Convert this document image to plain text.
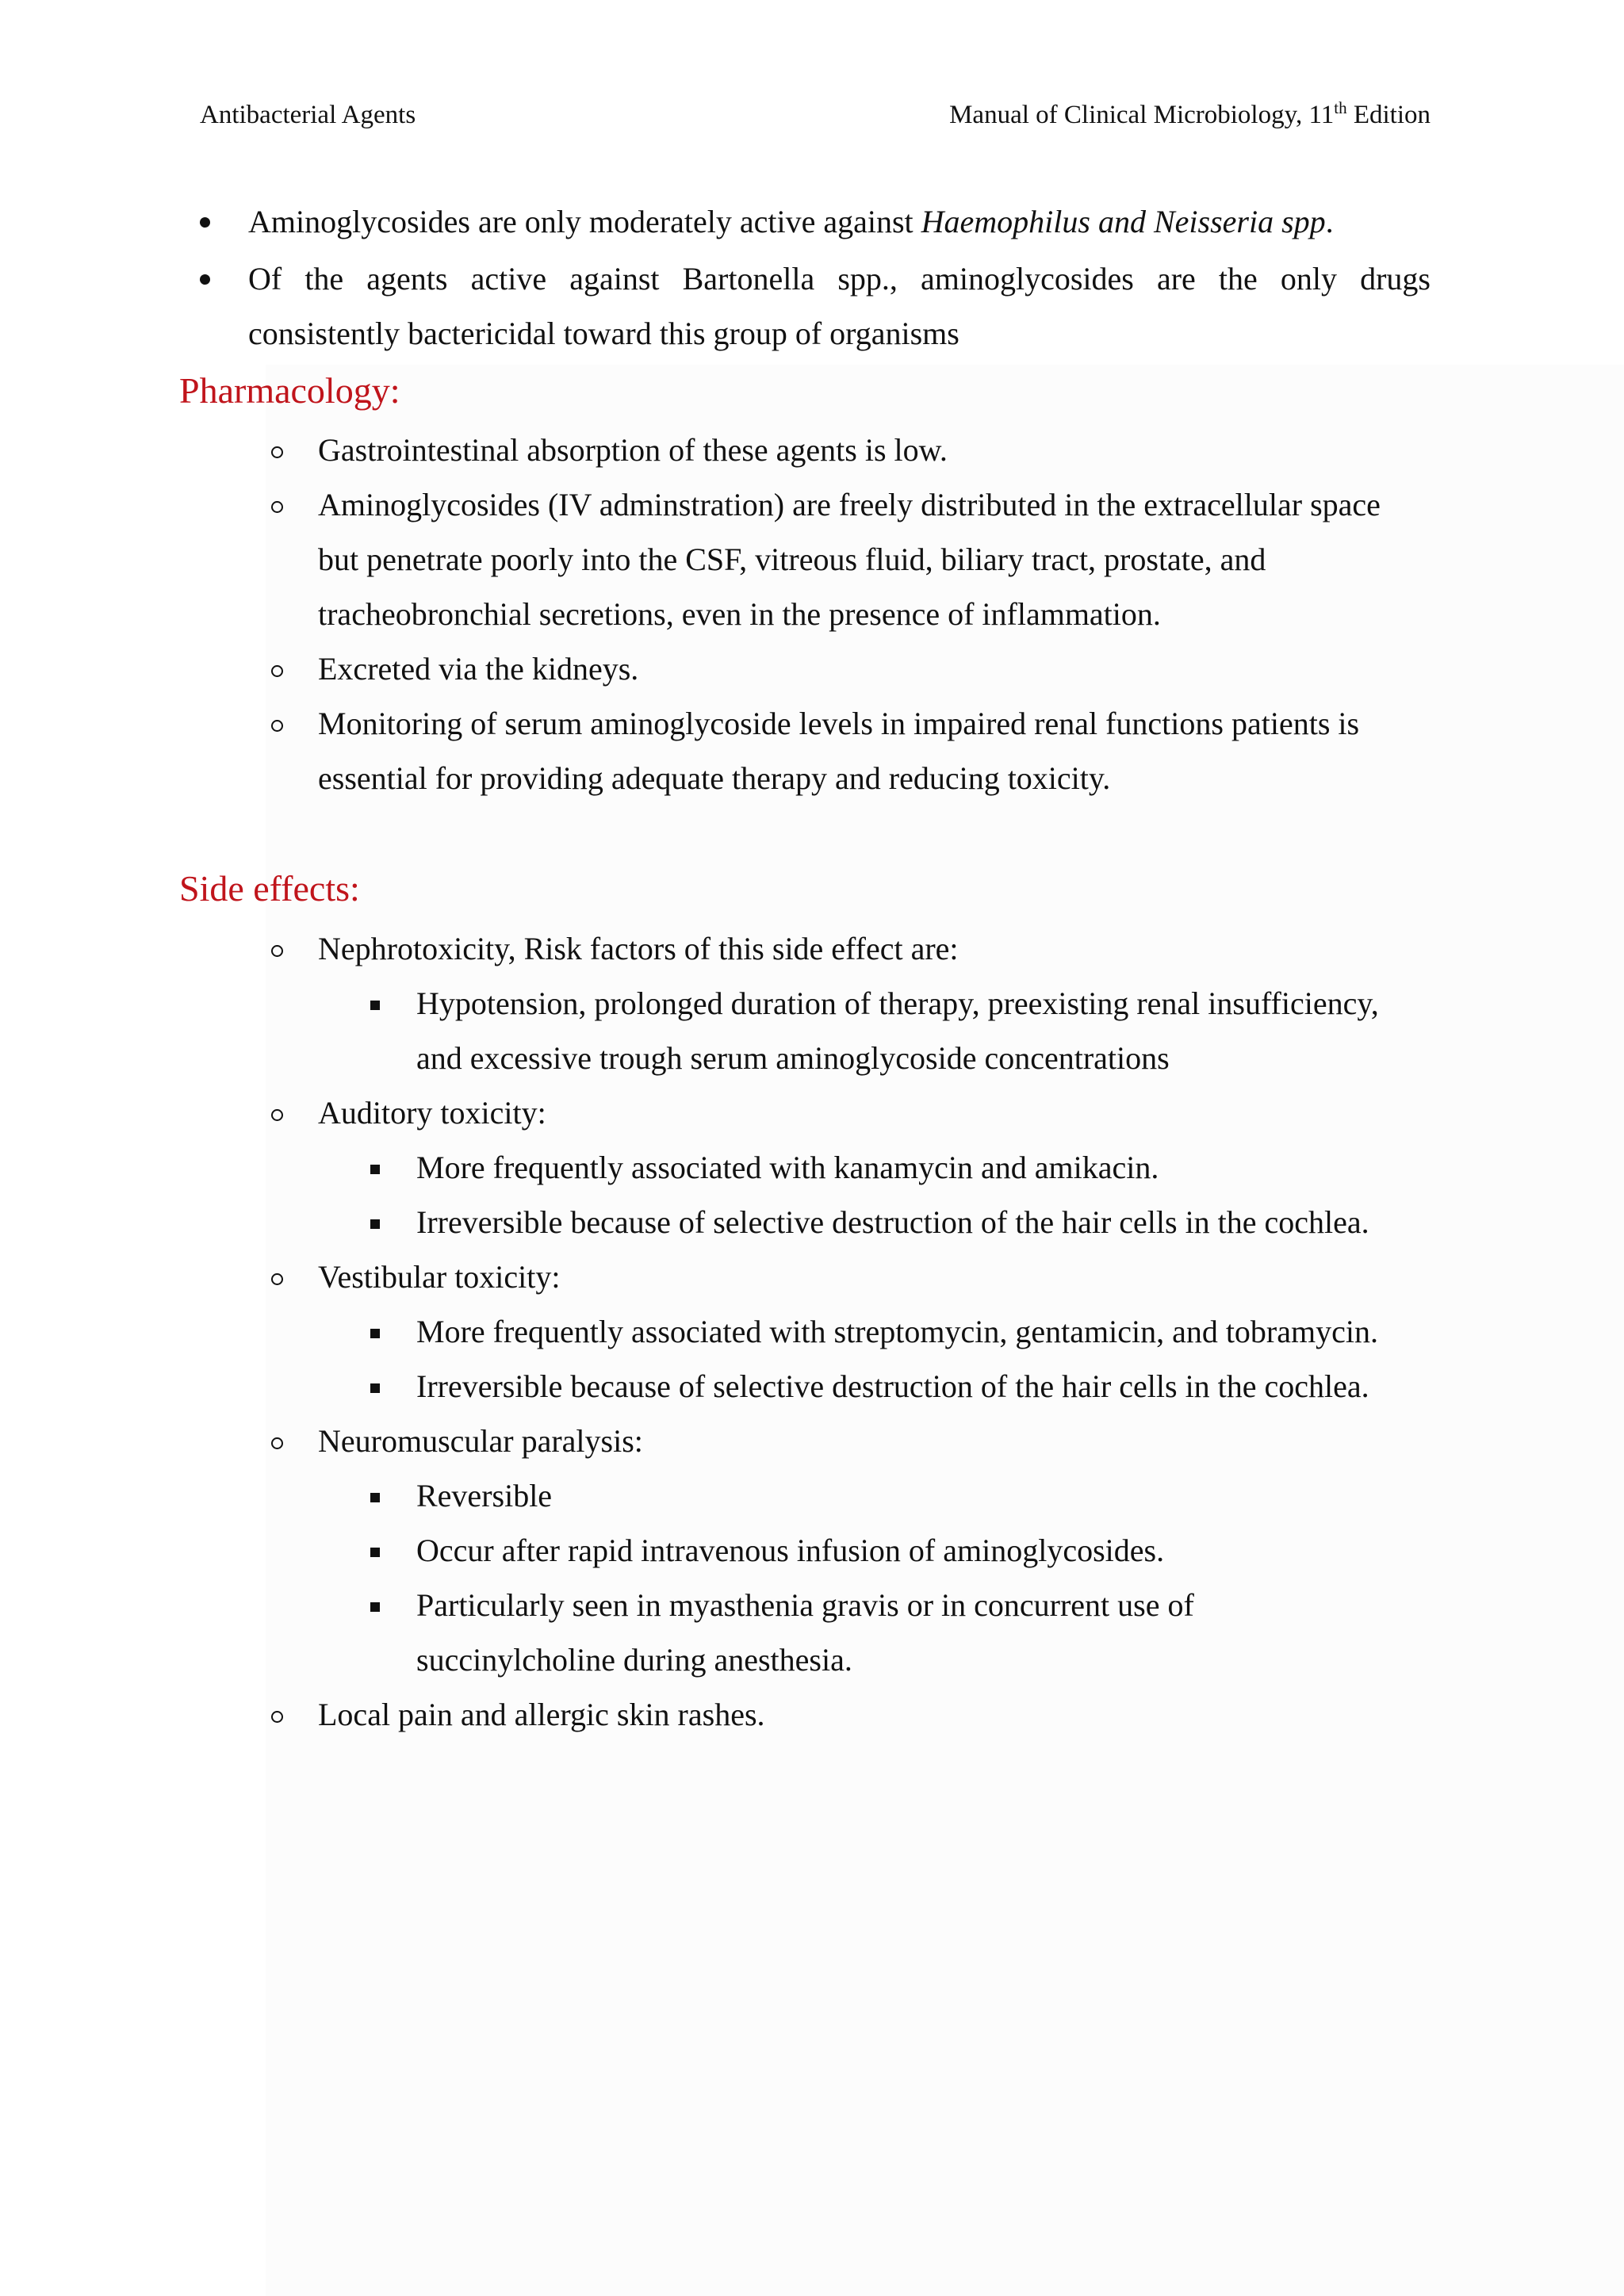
Antibacterial Agents	Manual of Clinical Microbiology, 11th Edition
Aminoglycosides are only moderately active against Haemophilus and Neisseria spp.
Of the agents active against Bartonella spp., aminoglycosides are the only drugs
consistently bactericidal toward this group of organisms
Pharmacology:
Gastrointestinal absorption of these agents is low.
Aminoglycosides (IV adminstration) are freely distributed in the extracellular space
but penetrate poorly into the CSF, vitreous fluid, biliary tract, prostate, and
tracheobronchial secretions, even in the presence of inflammation.
Excreted via the kidneys.
Monitoring of serum aminoglycoside levels in impaired renal functions patients is
essential for providing adequate therapy and reducing toxicity.
Side effects:
Nephrotoxicity, Risk factors of this side effect are:
Hypotension, prolonged duration of therapy, preexisting renal insufficiency,
and excessive trough serum aminoglycoside concentrations
Auditory toxicity:
More frequently associated with kanamycin and amikacin.
Irreversible because of selective destruction of the hair cells in the cochlea.
Vestibular toxicity:
More frequently associated with streptomycin, gentamicin, and tobramycin.
Irreversible because of selective destruction of the hair cells in the cochlea.
Neuromuscular paralysis:
Reversible
Occur after rapid intravenous infusion of aminoglycosides.
Particularly seen in myasthenia gravis or in concurrent use of
succinylcholine during anesthesia.
Local pain and allergic skin rashes.
